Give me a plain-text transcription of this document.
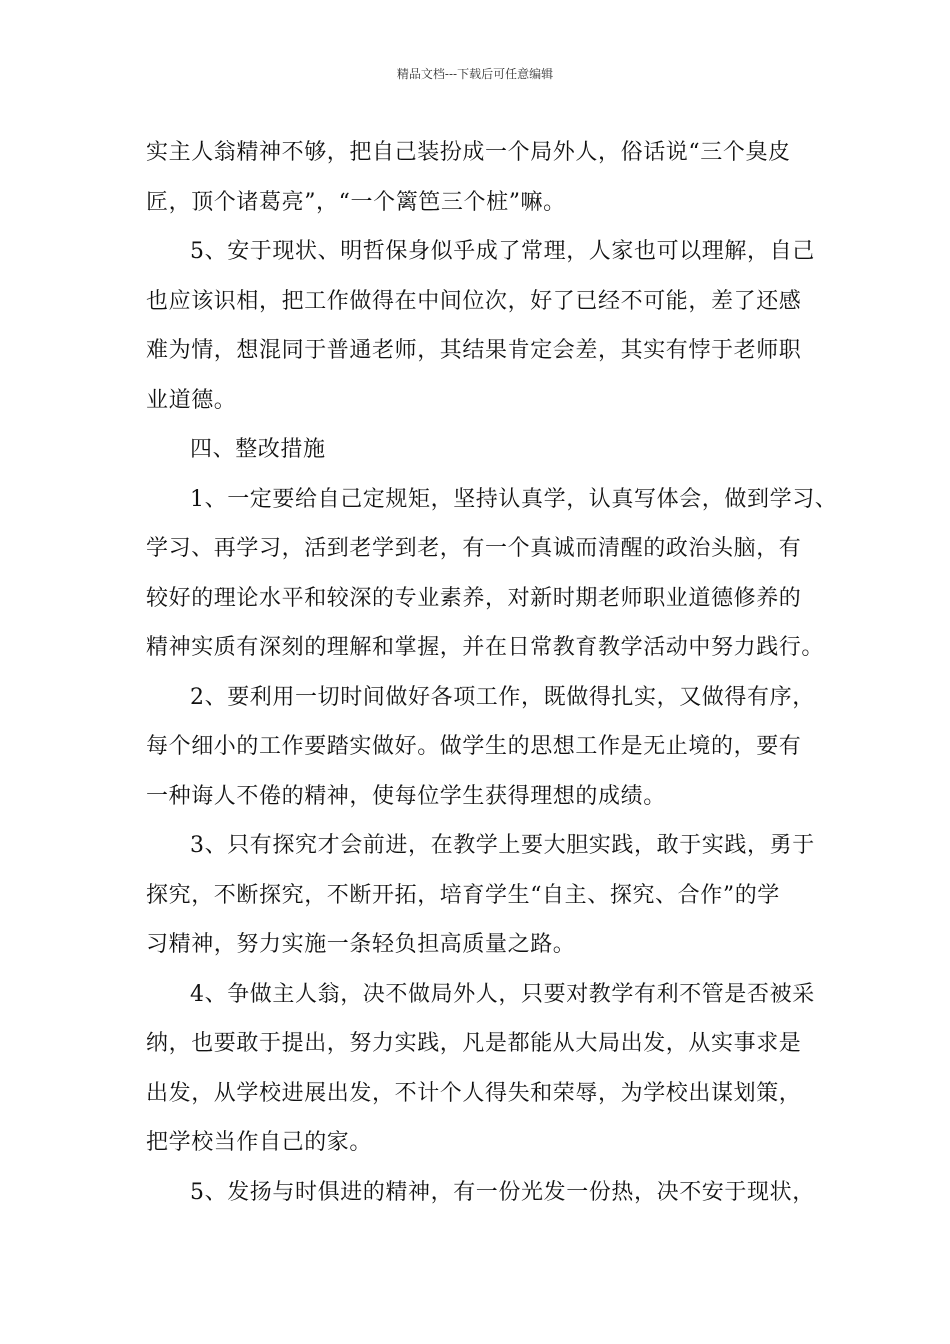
精品文档---下载后可任意编辑

实主人翁精神不够，把自己装扮成一个局外人，俗话说“三个臭皮
匠，顶个诸葛亮”，“一个篱笆三个桩”嘛。

5、安于现状、明哲保身似乎成了常理，人家也可以理解，自己
也应该识相，把工作做得在中间位次，好了已经不可能，差了还感
难为情，想混同于普通老师，其结果肯定会差，其实有悖于老师职
业道德。

四、整改措施

1、一定要给自己定规矩，坚持认真学，认真写体会，做到学习、
学习、再学习，活到老学到老，有一个真诚而清醒的政治头脑，有
较好的理论水平和较深的专业素养，对新时期老师职业道德修养的
精神实质有深刻的理解和掌握，并在日常教育教学活动中努力践行。

2、要利用一切时间做好各项工作，既做得扎实，又做得有序，
每个细小的工作要踏实做好。做学生的思想工作是无止境的，要有
一种诲人不倦的精神，使每位学生获得理想的成绩。

3、只有探究才会前进，在教学上要大胆实践，敢于实践，勇于
探究，不断探究，不断开拓，培育学生“自主、探究、合作”的学
习精神，努力实施一条轻负担高质量之路。

4、争做主人翁，决不做局外人，只要对教学有利不管是否被采
纳，也要敢于提出，努力实践，凡是都能从大局出发，从实事求是
出发，从学校进展出发，不计个人得失和荣辱，为学校出谋划策，
把学校当作自己的家。

5、发扬与时俱进的精神，有一份光发一份热，决不安于现状，
